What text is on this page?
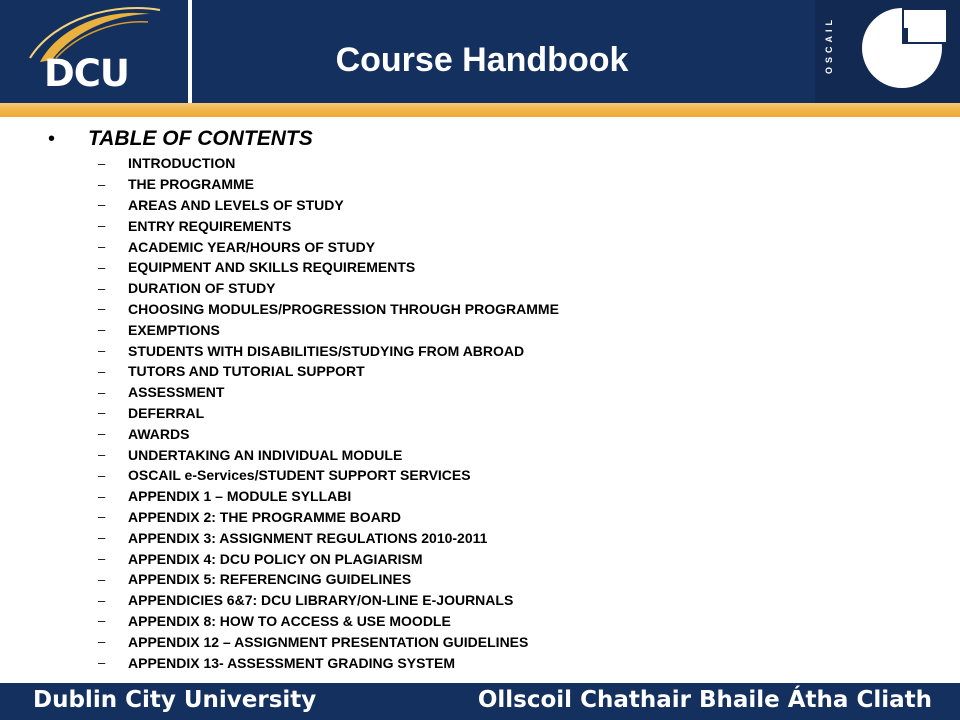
DCU	Course Handbook	OSCAIL
•	TABLE OF CONTENTS
–	INTRODUCTION
–	THE PROGRAMME
–	AREAS AND LEVELS OF STUDY
–	ENTRY REQUIREMENTS
–	ACADEMIC YEAR/HOURS OF STUDY
–	EQUIPMENT AND SKILLS REQUIREMENTS
–	DURATION OF STUDY
–	CHOOSING MODULES/PROGRESSION THROUGH PROGRAMME
–	EXEMPTIONS
–	STUDENTS WITH DISABILITIES/STUDYING FROM ABROAD
–	TUTORS AND TUTORIAL SUPPORT
–	ASSESSMENT
–	DEFERRAL
–	AWARDS
–	UNDERTAKING AN INDIVIDUAL MODULE
–	OSCAIL e-Services/STUDENT SUPPORT SERVICES
–	APPENDIX 1 – MODULE SYLLABI
–	APPENDIX 2: THE PROGRAMME BOARD
–	APPENDIX 3: ASSIGNMENT REGULATIONS 2010-2011
–	APPENDIX 4: DCU POLICY ON PLAGIARISM
–	APPENDIX 5: REFERENCING GUIDELINES
–	APPENDICIES 6&7: DCU LIBRARY/ON-LINE E-JOURNALS
–	APPENDIX 8: HOW TO ACCESS & USE MOODLE
–	APPENDIX 12 – ASSIGNMENT PRESENTATION GUIDELINES
–	APPENDIX 13- ASSESSMENT GRADING SYSTEM
Dublin City University	Ollscoil Chathair Bhaile Átha Cliath
